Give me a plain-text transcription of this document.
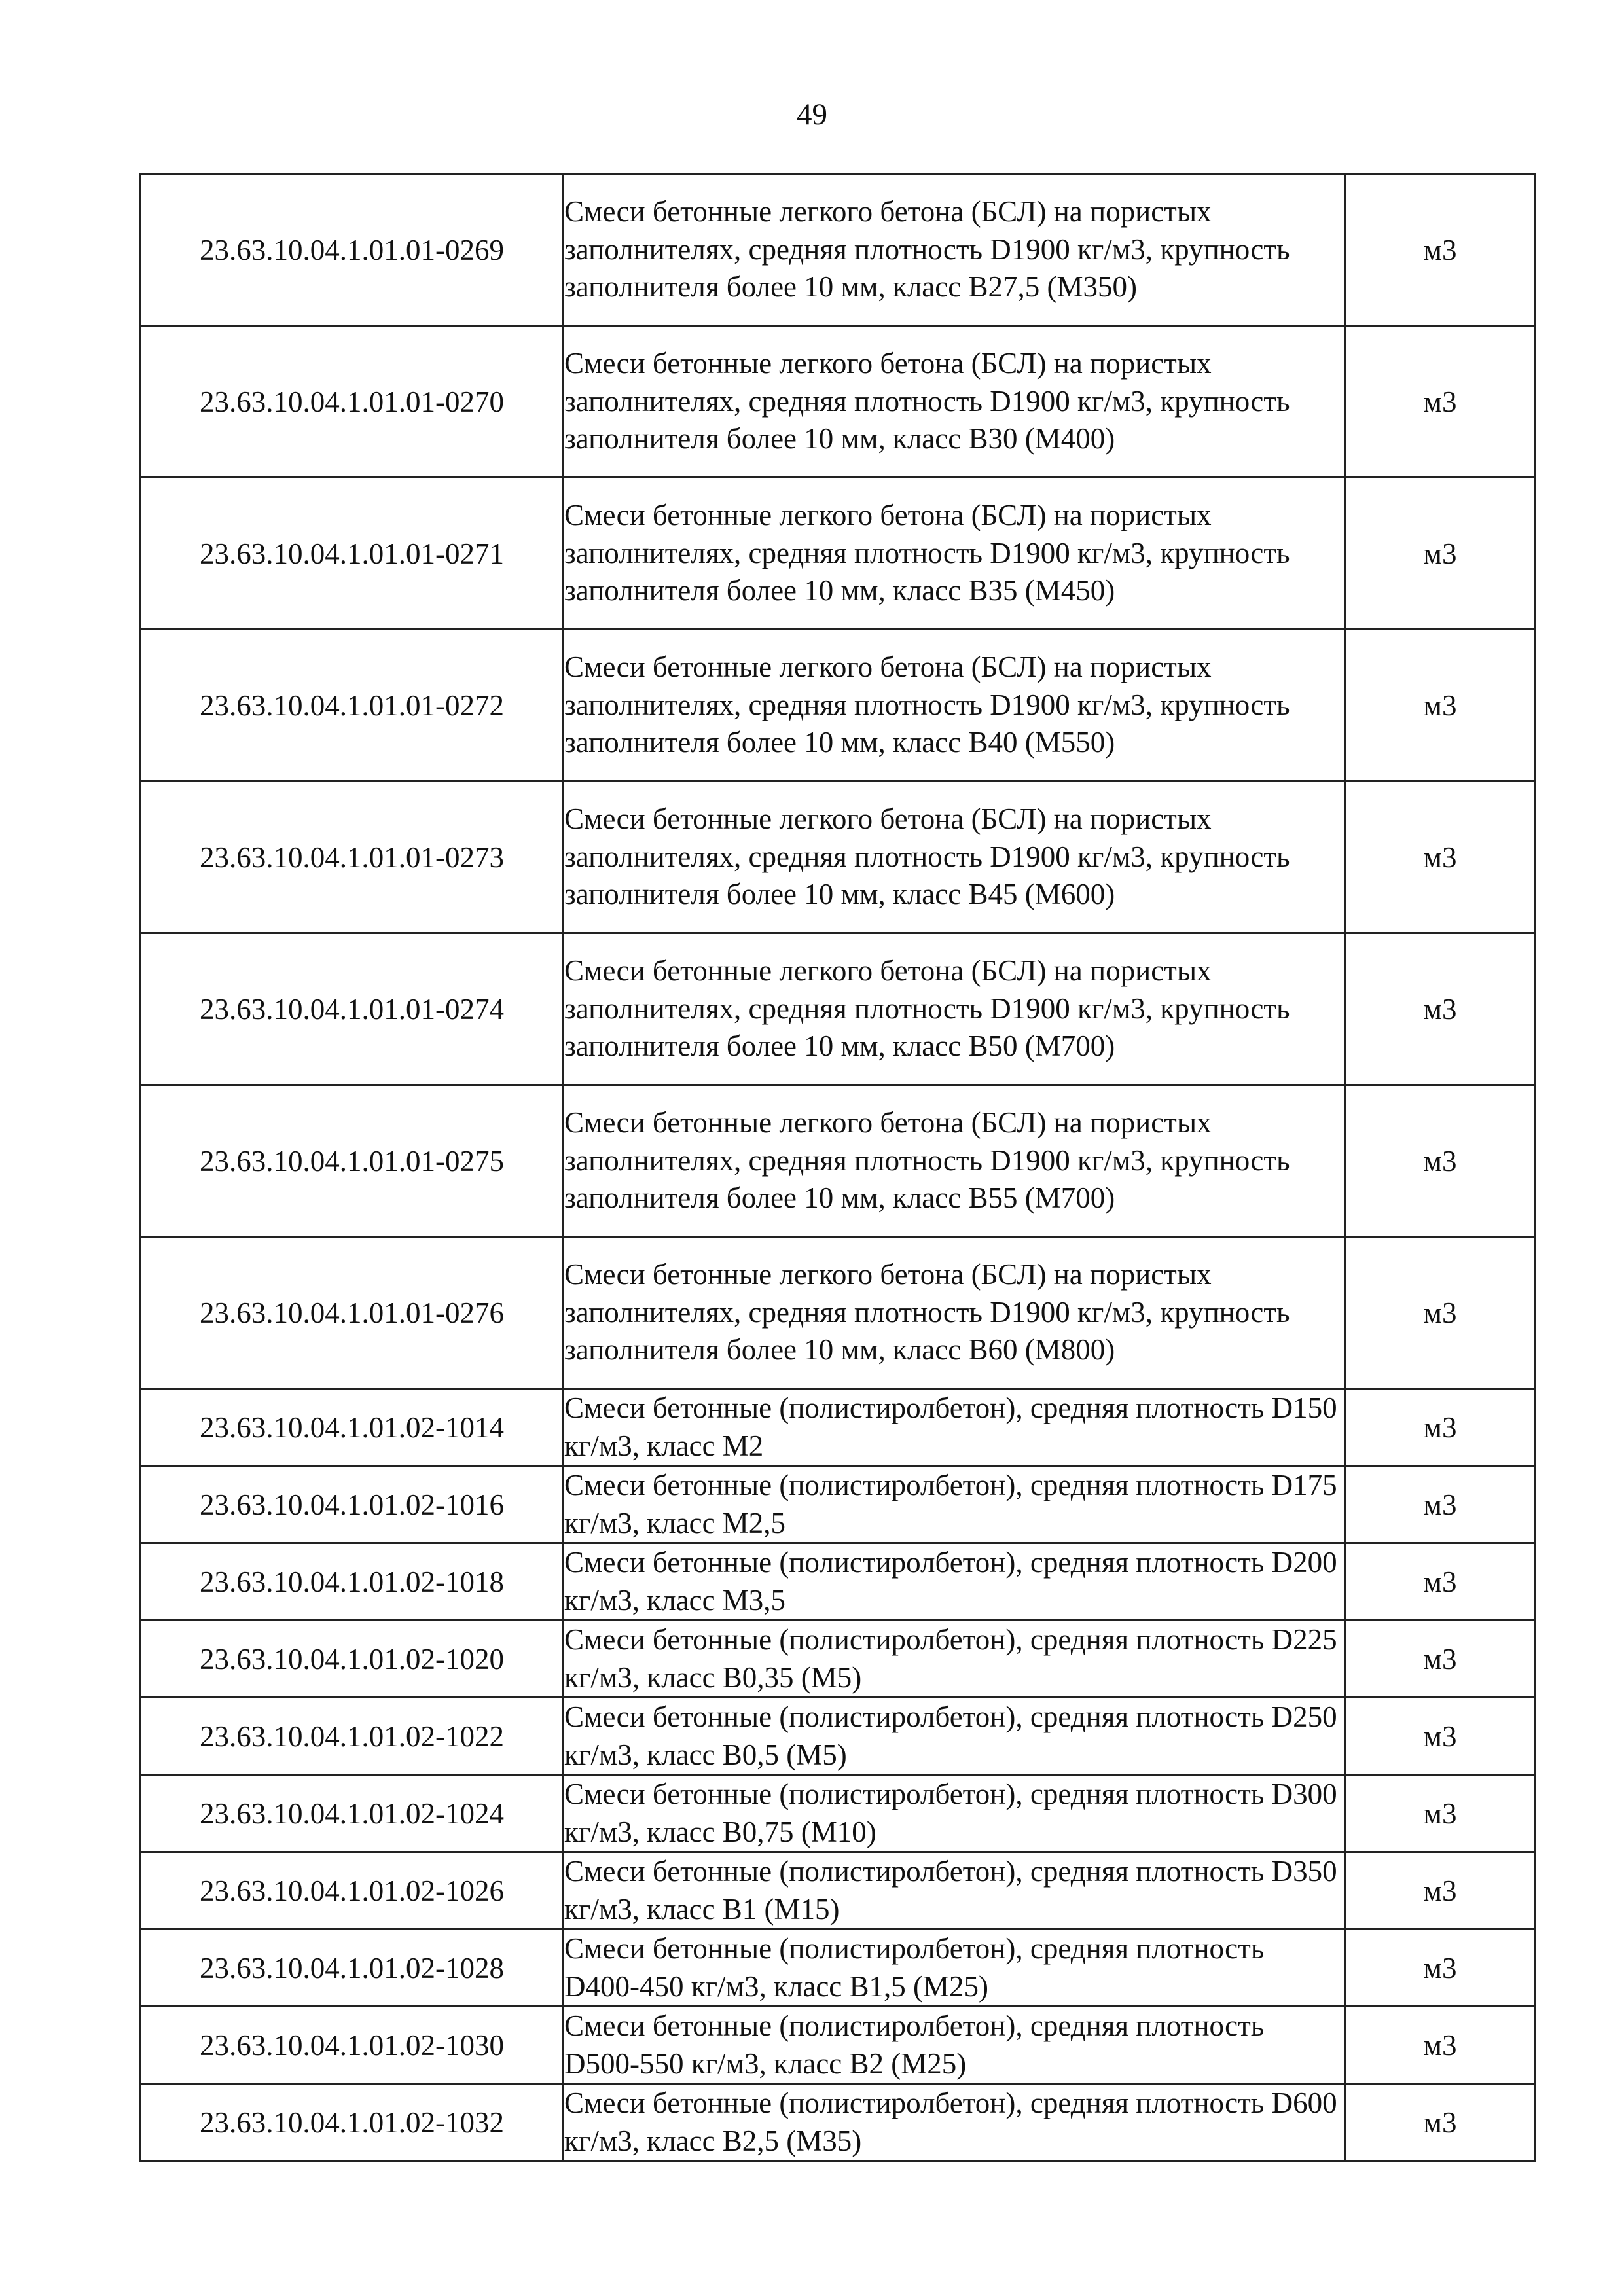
49
23.63.10.04.1.01.01-0269	Смеси бетонные легкого бетона (БСЛ) на пористых заполнителях, средняя плотность D1900 кг/м3, крупность заполнителя более 10 мм, класс В27,5 (М350)	м3
23.63.10.04.1.01.01-0270	Смеси бетонные легкого бетона (БСЛ) на пористых заполнителях, средняя плотность D1900 кг/м3, крупность заполнителя более 10 мм, класс В30 (М400)	м3
23.63.10.04.1.01.01-0271	Смеси бетонные легкого бетона (БСЛ) на пористых заполнителях, средняя плотность D1900 кг/м3, крупность заполнителя более 10 мм, класс В35 (М450)	м3
23.63.10.04.1.01.01-0272	Смеси бетонные легкого бетона (БСЛ) на пористых заполнителях, средняя плотность D1900 кг/м3, крупность заполнителя более 10 мм, класс В40 (М550)	м3
23.63.10.04.1.01.01-0273	Смеси бетонные легкого бетона (БСЛ) на пористых заполнителях, средняя плотность D1900 кг/м3, крупность заполнителя более 10 мм, класс В45 (М600)	м3
23.63.10.04.1.01.01-0274	Смеси бетонные легкого бетона (БСЛ) на пористых заполнителях, средняя плотность D1900 кг/м3, крупность заполнителя более 10 мм, класс В50 (М700)	м3
23.63.10.04.1.01.01-0275	Смеси бетонные легкого бетона (БСЛ) на пористых заполнителях, средняя плотность D1900 кг/м3, крупность заполнителя более 10 мм, класс В55 (М700)	м3
23.63.10.04.1.01.01-0276	Смеси бетонные легкого бетона (БСЛ) на пористых заполнителях, средняя плотность D1900 кг/м3, крупность заполнителя более 10 мм, класс В60 (М800)	м3
23.63.10.04.1.01.02-1014	Смеси бетонные (полистиролбетон), средняя плотность D150 кг/м3, класс М2	м3
23.63.10.04.1.01.02-1016	Смеси бетонные (полистиролбетон), средняя плотность D175 кг/м3, класс М2,5	м3
23.63.10.04.1.01.02-1018	Смеси бетонные (полистиролбетон), средняя плотность D200 кг/м3, класс М3,5	м3
23.63.10.04.1.01.02-1020	Смеси бетонные (полистиролбетон), средняя плотность D225 кг/м3, класс В0,35 (М5)	м3
23.63.10.04.1.01.02-1022	Смеси бетонные (полистиролбетон), средняя плотность D250 кг/м3, класс В0,5 (М5)	м3
23.63.10.04.1.01.02-1024	Смеси бетонные (полистиролбетон), средняя плотность D300 кг/м3, класс В0,75 (М10)	м3
23.63.10.04.1.01.02-1026	Смеси бетонные (полистиролбетон), средняя плотность D350 кг/м3, класс В1 (М15)	м3
23.63.10.04.1.01.02-1028	Смеси бетонные (полистиролбетон), средняя плотность D400-450 кг/м3, класс В1,5 (М25)	м3
23.63.10.04.1.01.02-1030	Смеси бетонные (полистиролбетон), средняя плотность D500-550 кг/м3, класс В2 (М25)	м3
23.63.10.04.1.01.02-1032	Смеси бетонные (полистиролбетон), средняя плотность D600 кг/м3, класс В2,5 (М35)	м3
